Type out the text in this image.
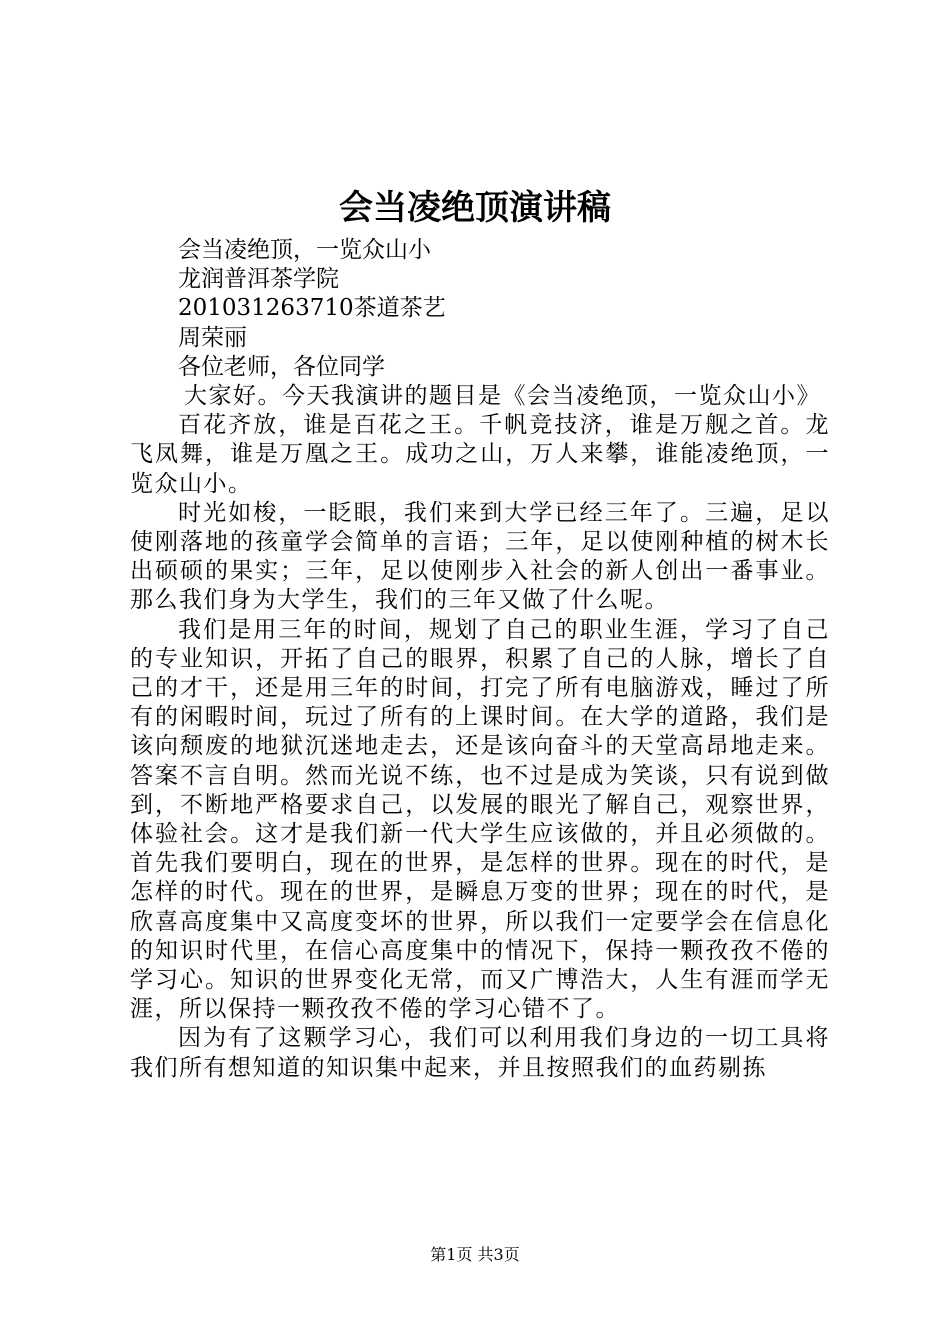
会当凌绝顶演讲稿
会当凌绝顶，一览众山小
龙润普洱茶学院
201031263710茶道茶艺
周荣丽
各位老师，各位同学

大家好。今天我演讲的题目是《会当凌绝顶，一览众山小》

百花齐放，谁是百花之王。千帆竞技济，谁是万舰之首。龙飞凤舞，谁是万凰之王。成功之山，万人来攀，谁能凌绝顶，一览众山小。

时光如梭，一眨眼，我们来到大学已经三年了。三遍，足以使刚落地的孩童学会简单的言语；三年，足以使刚种植的树木长出硕硕的果实；三年，足以使刚步入社会的新人创出一番事业。那么我们身为大学生，我们的三年又做了什么呢。

我们是用三年的时间，规划了自己的职业生涯，学习了自己的专业知识，开拓了自己的眼界，积累了自己的人脉，增长了自己的才干，还是用三年的时间，打完了所有电脑游戏，睡过了所有的闲暇时间，玩过了所有的上课时间。在大学的道路，我们是该向颓废的地狱沉迷地走去，还是该向奋斗的天堂高昂地走来。答案不言自明。然而光说不练，也不过是成为笑谈，只有说到做到，不断地严格要求自己，以发展的眼光了解自己，观察世界，体验社会。这才是我们新一代大学生应该做的，并且必须做的。首先我们要明白，现在的世界，是怎样的世界。现在的时代，是怎样的时代。现在的世界，是瞬息万变的世界；现在的时代，是欣喜高度集中又高度变坏的世界，所以我们一定要学会在信息化的知识时代里，在信心高度集中的情况下，保持一颗孜孜不倦的学习心。知识的世界变化无常，而又广博浩大，人生有涯而学无涯，所以保持一颗孜孜不倦的学习心错不了。

因为有了这颗学习心，我们可以利用我们身边的一切工具将我们所有想知道的知识集中起来，并且按照我们的血药剔拣

第1页 共3页
